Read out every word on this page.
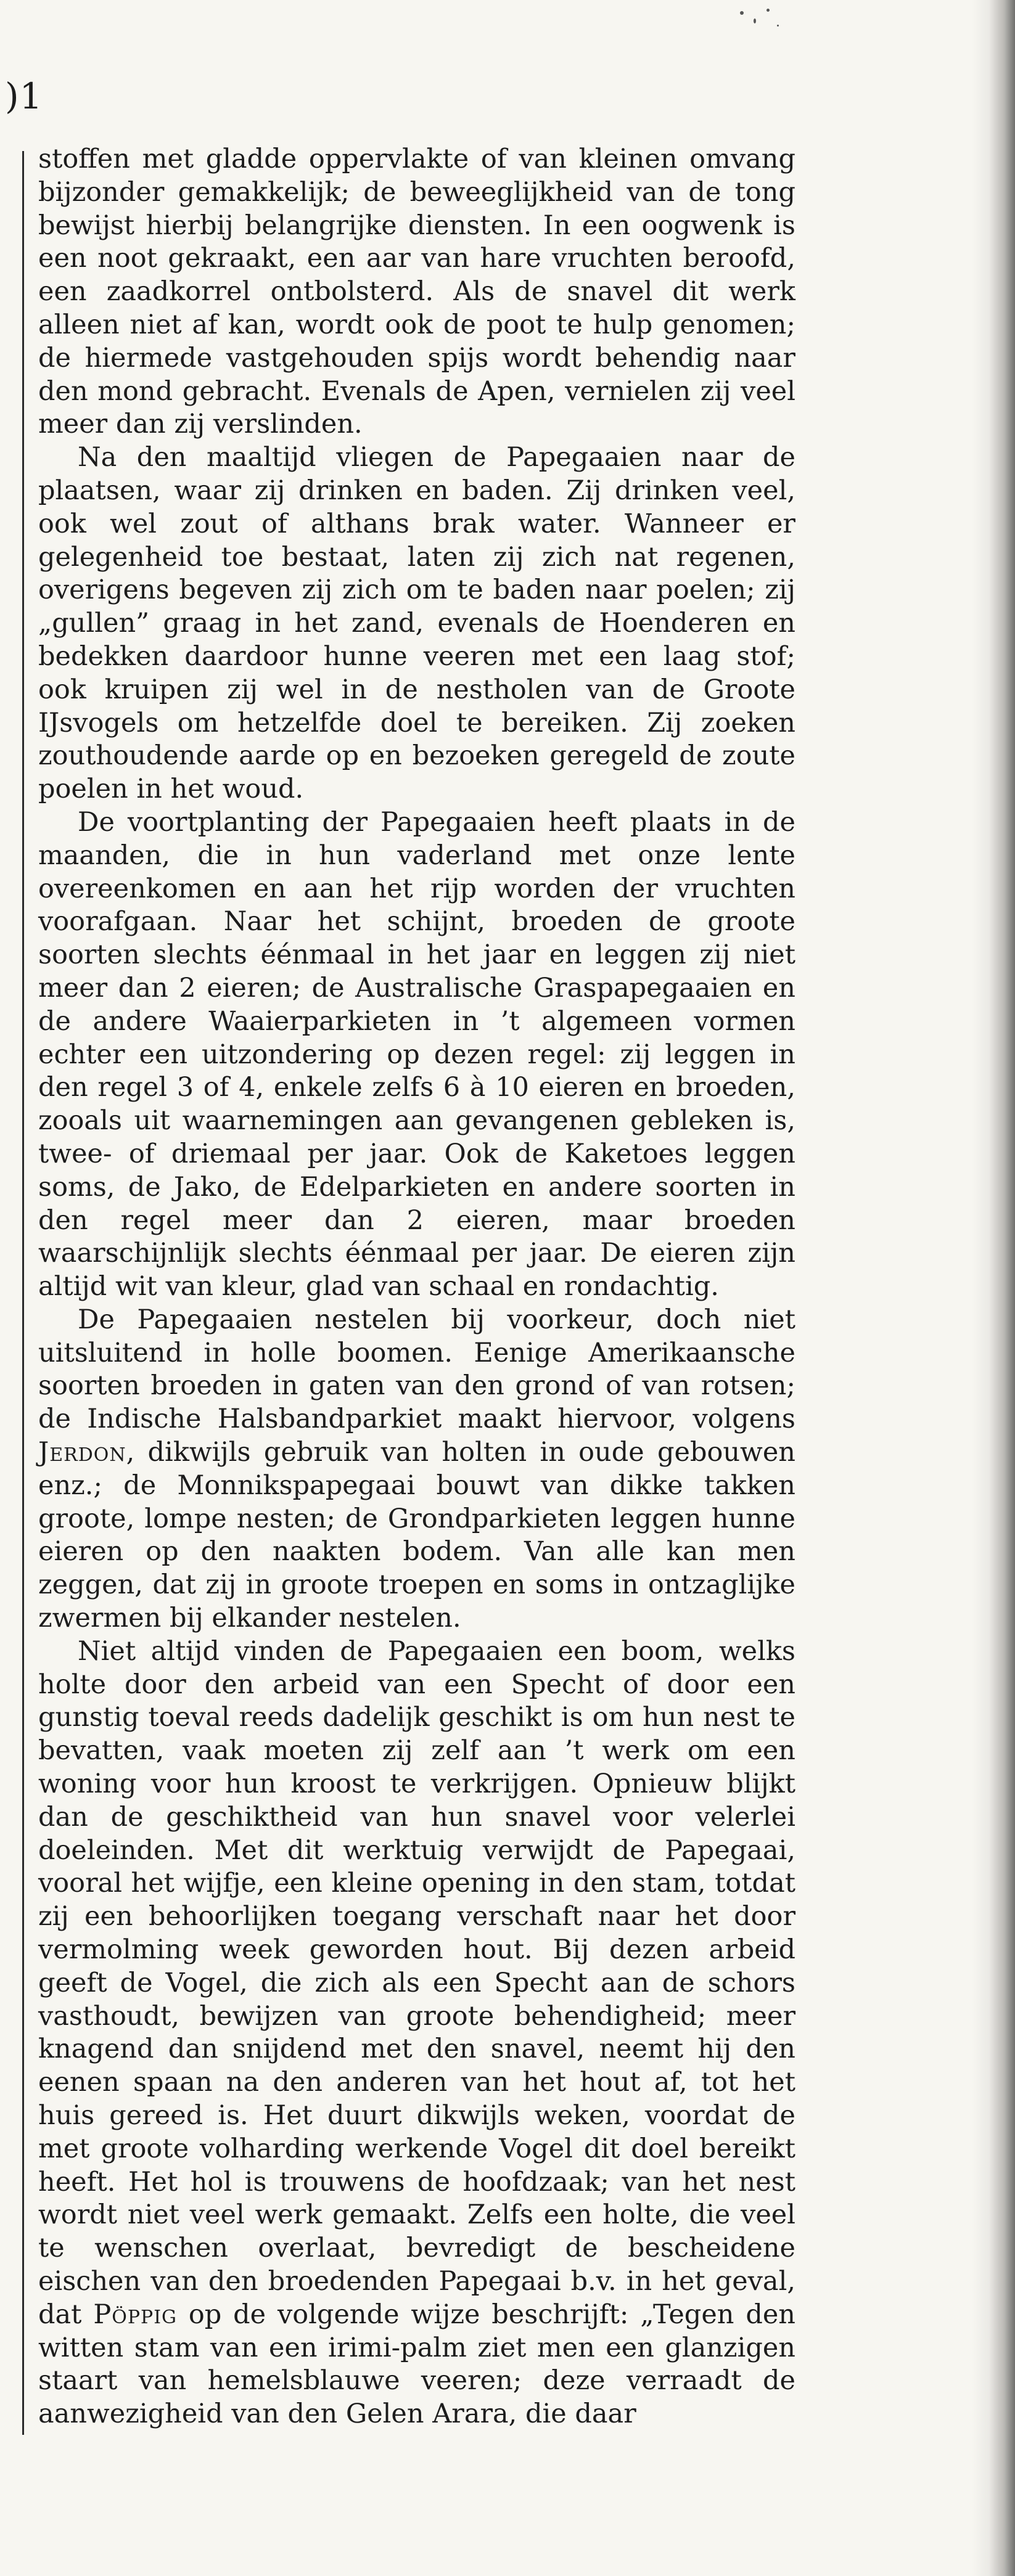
)1

stoffen met gladde oppervlakte of van kleinen omvang bijzonder gemakkelijk; de beweeglijkheid van de tong bewijst hierbij belangrijke diensten. In een oogwenk is een noot gekraakt, een aar van hare vruchten beroofd, een zaadkorrel ontbolsterd. Als de snavel dit werk alleen niet af kan, wordt ook de poot te hulp genomen; de hiermede vastgehouden spijs wordt behendig naar den mond gebracht. Evenals de Apen, vernielen zij veel meer dan zij verslinden.

Na den maaltijd vliegen de Papegaaien naar de plaatsen, waar zij drinken en baden. Zij drinken veel, ook wel zout of althans brak water. Wanneer er gelegenheid toe bestaat, laten zij zich nat regenen, overigens begeven zij zich om te baden naar poelen; zij „gullen” graag in het zand, evenals de Hoenderen en bedekken daardoor hunne veeren met een laag stof; ook kruipen zij wel in de nestholen van de Groote IJsvogels om hetzelfde doel te bereiken. Zij zoeken zouthoudende aarde op en bezoeken geregeld de zoute poelen in het woud.

De voortplanting der Papegaaien heeft plaats in de maanden, die in hun vaderland met onze lente overeenkomen en aan het rijp worden der vruchten voorafgaan. Naar het schijnt, broeden de groote soorten slechts éénmaal in het jaar en leggen zij niet meer dan 2 eieren; de Australische Graspapegaaien en de andere Waaierparkieten in ’t algemeen vormen echter een uitzondering op dezen regel: zij leggen in den regel 3 of 4, enkele zelfs 6 à 10 eieren en broeden, zooals uit waarnemingen aan gevangenen gebleken is, twee- of driemaal per jaar. Ook de Kaketoes leggen soms, de Jako, de Edelparkieten en andere soorten in den regel meer dan 2 eieren, maar broeden waarschijnlijk slechts éénmaal per jaar. De eieren zijn altijd wit van kleur, glad van schaal en rondachtig.

De Papegaaien nestelen bij voorkeur, doch niet uitsluitend in holle boomen. Eenige Amerikaansche soorten broeden in gaten van den grond of van rotsen; de Indische Halsbandparkiet maakt hiervoor, volgens Jerdon, dikwijls gebruik van holten in oude gebouwen enz.; de Monnikspapegaai bouwt van dikke takken groote, lompe nesten; de Grondparkieten leggen hunne eieren op den naakten bodem. Van alle kan men zeggen, dat zij in groote troepen en soms in ontzaglijke zwermen bij elkander nestelen.

Niet altijd vinden de Papegaaien een boom, welks holte door den arbeid van een Specht of door een gunstig toeval reeds dadelijk geschikt is om hun nest te bevatten, vaak moeten zij zelf aan ’t werk om een woning voor hun kroost te verkrijgen. Opnieuw blijkt dan de geschiktheid van hun snavel voor velerlei doeleinden. Met dit werktuig verwijdt de Papegaai, vooral het wijfje, een kleine opening in den stam, totdat zij een behoorlijken toegang verschaft naar het door vermolming week geworden hout. Bij dezen arbeid geeft de Vogel, die zich als een Specht aan de schors vasthoudt, bewijzen van groote behendigheid; meer knagend dan snijdend met den snavel, neemt hij den eenen spaan na den anderen van het hout af, tot het huis gereed is. Het duurt dikwijls weken, voordat de met groote volharding werkende Vogel dit doel bereikt heeft. Het hol is trouwens de hoofdzaak; van het nest wordt niet veel werk gemaakt. Zelfs een holte, die veel te wenschen overlaat, bevredigt de bescheidene eischen van den broedenden Papegaai b.v. in het geval, dat Pöppig op de volgende wijze beschrijft: „Tegen den witten stam van een irimi-palm ziet men een glanzigen staart van hemelsblauwe veeren; deze verraadt de aanwezigheid van den Gelen Arara, die daar
